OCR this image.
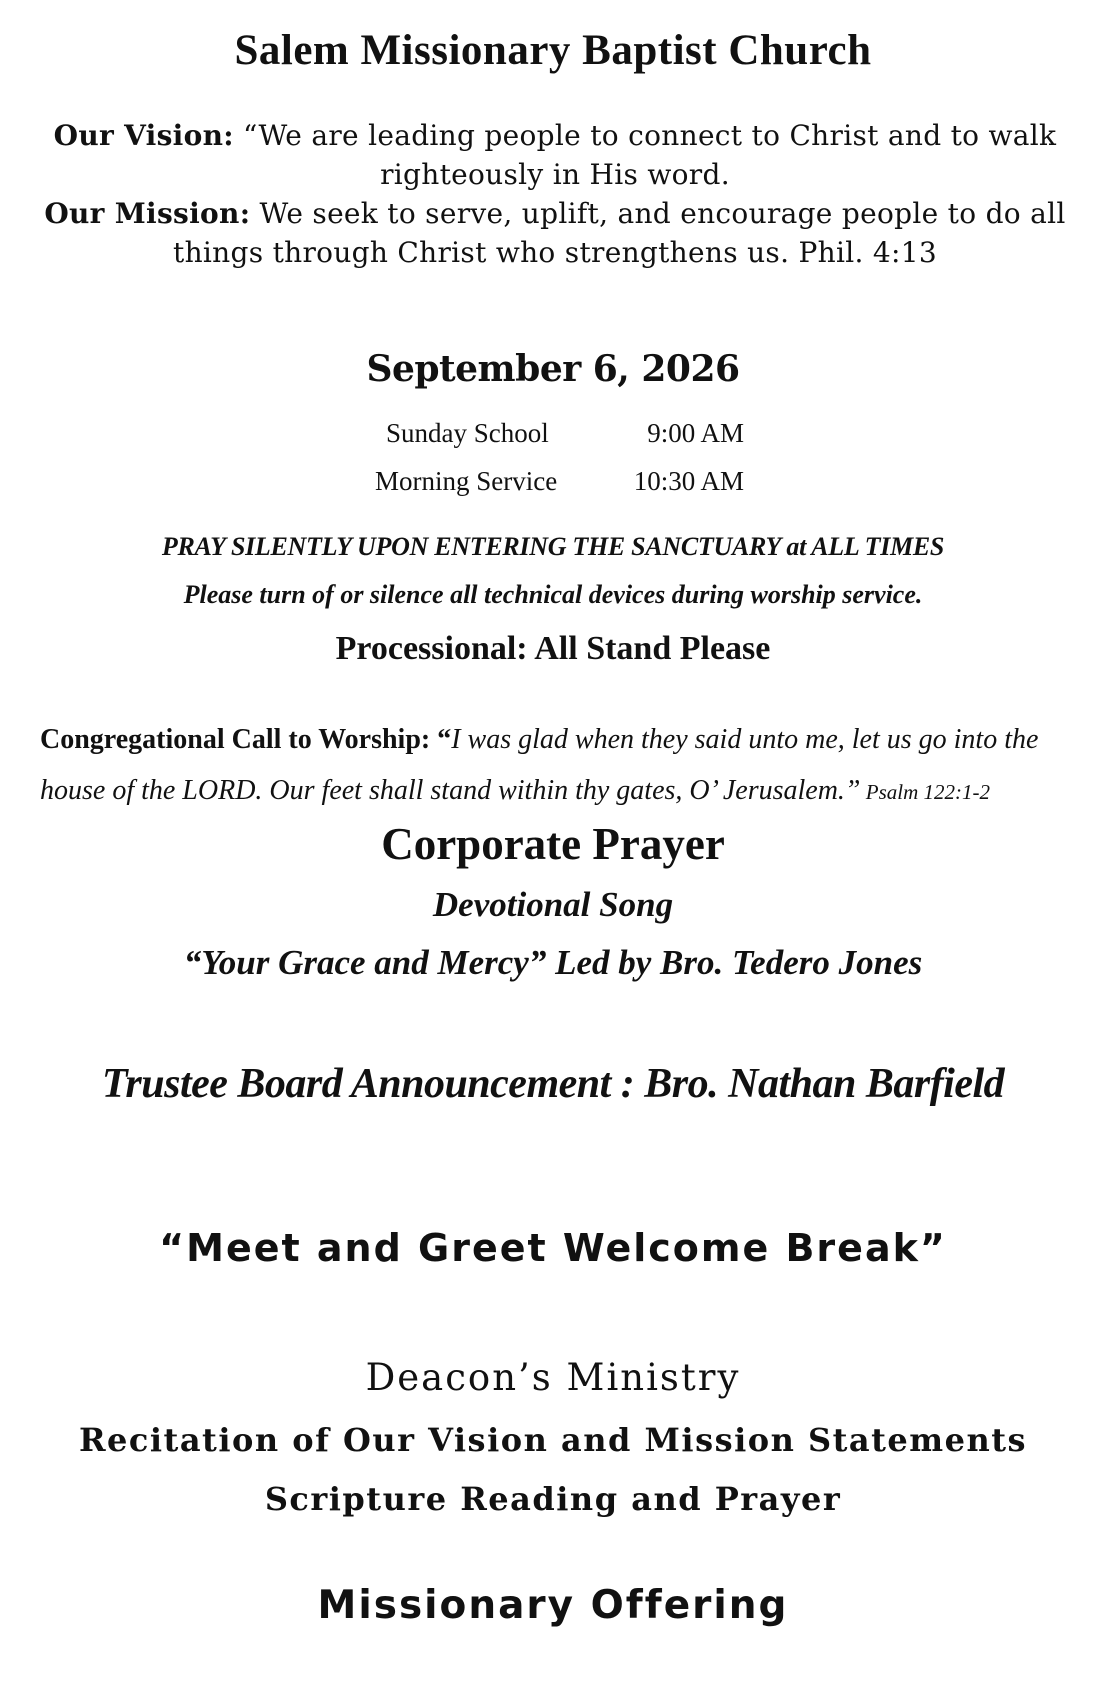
Salem Missionary Baptist Church
Our Vision: “We are leading people to connect to Christ and to walk righteously in His word.
Our Mission: We seek to serve, uplift, and encourage people to do all things through Christ who strengthens us. Phil. 4:13
September 6, 2026
Sunday School	9:00 AM
Morning Service	10:30 AM
PRAY SILENTLY UPON ENTERING THE SANCTUARY at ALL TIMES
Please turn of or silence all technical devices during worship service.
Processional: All Stand Please
Congregational Call to Worship: “I was glad when they said unto me, let us go into the house of the LORD. Our feet shall stand within thy gates, O’ Jerusalem.” Psalm 122:1-2
Corporate Prayer
Devotional Song
“Your Grace and Mercy” Led by Bro. Tedero Jones
Trustee Board Announcement : Bro. Nathan Barfield
“Meet and Greet Welcome Break”
Deacon’s Ministry
Recitation of Our Vision and Mission Statements
Scripture Reading and Prayer
Missionary Offering
